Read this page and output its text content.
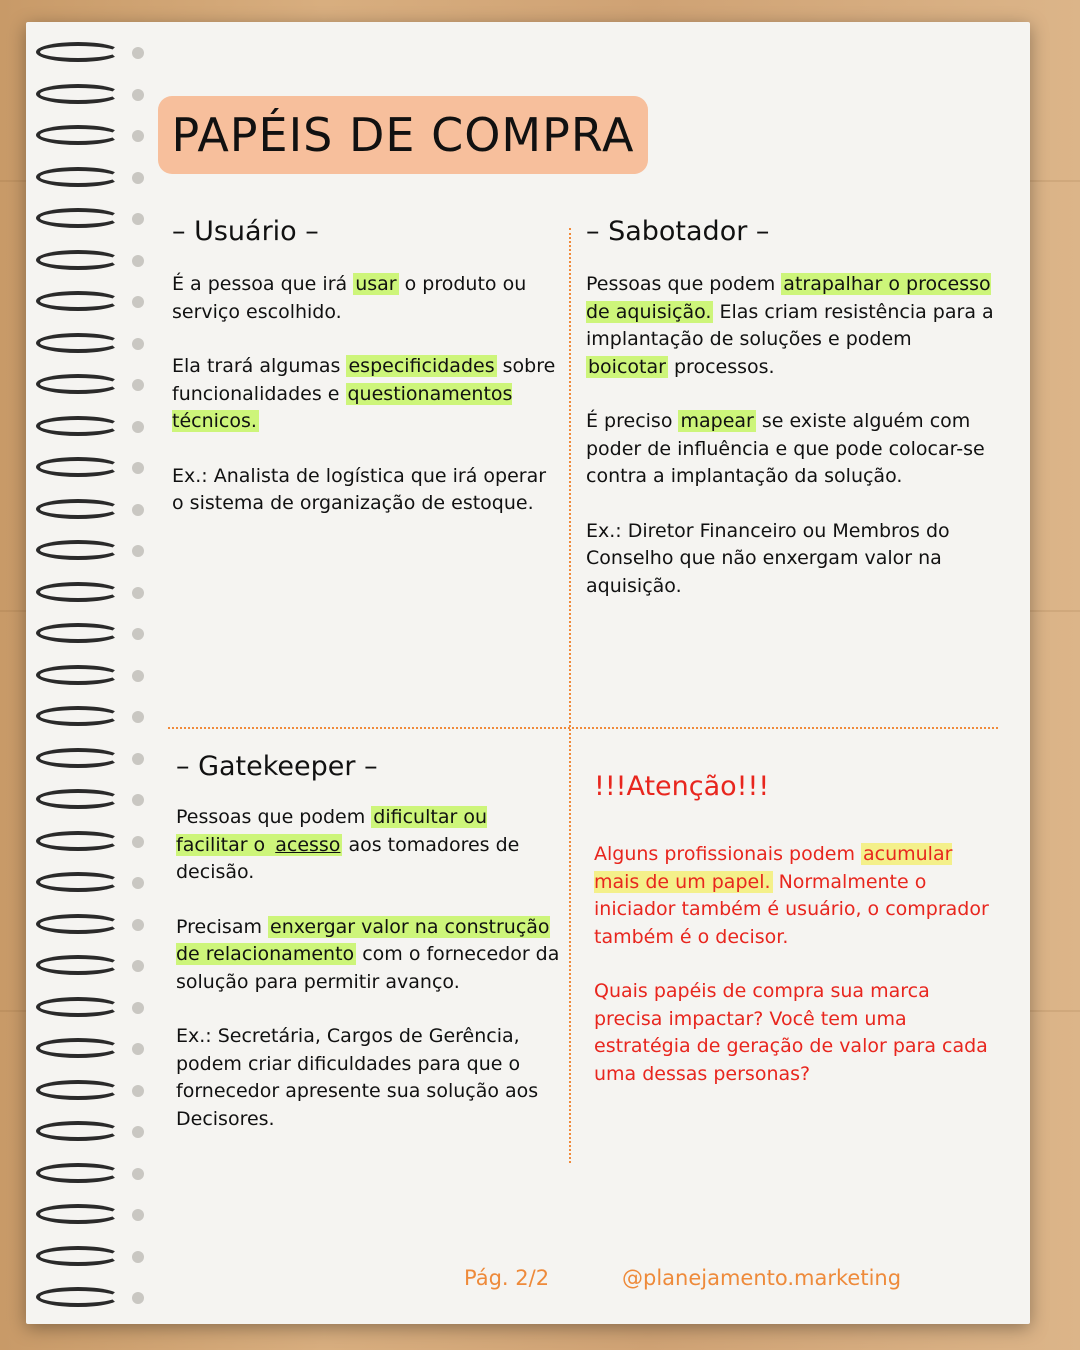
PAPÉIS DE COMPRA
– Usuário –

É a pessoa que irá usar o produto ou serviço escolhido.

Ela trará algumas especificidades sobre funcionalidades e questionamentos técnicos.

Ex.: Analista de logística que irá operar o sistema de organização de estoque.

– Sabotador –

Pessoas que podem atrapalhar o processo de aquisição. Elas criam resistência para a implantação de soluções e podem boicotar processos.

É preciso mapear se existe alguém com poder de influência e que pode colocar-se contra a implantação da solução.

Ex.: Diretor Financeiro ou Membros do Conselho que não enxergam valor na aquisição.

– Gatekeeper –

Pessoas que podem dificultar ou facilitar o acesso aos tomadores de decisão.

Precisam enxergar valor na construção de relacionamento com o fornecedor da solução para permitir avanço.

Ex.: Secretária, Cargos de Gerência, podem criar dificuldades para que o fornecedor apresente sua solução aos Decisores.

!!!Atenção!!!

Alguns profissionais podem acumular mais de um papel. Normalmente o iniciador também é usuário, o comprador também é o decisor.

Quais papéis de compra sua marca precisa impactar? Você tem uma estratégia de geração de valor para cada uma dessas personas?

Pág. 2/2	@planejamento.marketing
